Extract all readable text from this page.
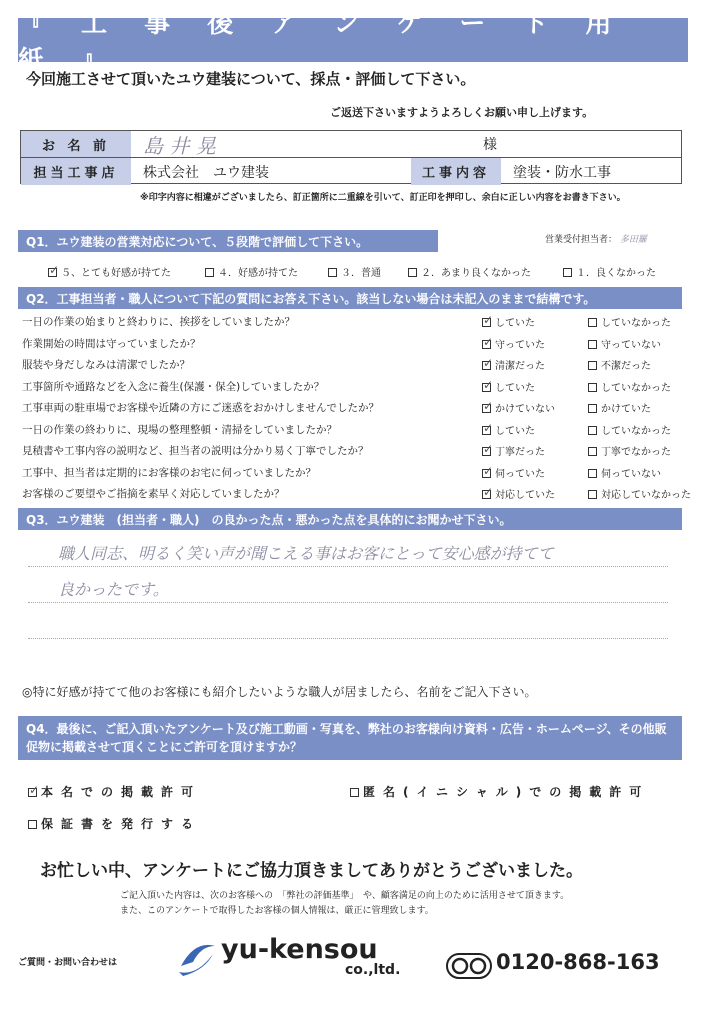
『 工 事 後 ア ン ケ ー ト 用 紙 』
今回施工させて頂いたユウ建装について、採点・評価して下さい。
ご返送下さいますようよろしくお願い申し上げます。
お 名 前	島 井 晃	様
担当工事店	株式会社　ユウ建装	工事内容	塗装・防水工事
※印字内容に相違がございましたら、訂正箇所に二重線を引いて、訂正印を押印し、余白に正しい内容をお書き下さい。
Q1．ユウ建装の営業対応について、５段階で評価して下さい。	営業受付担当者： 多田羅
✓５、とても好感が持てた	４．好感が持てた	３．普通	２．あまり良くなかった	１．良くなかった
Q2．工事担当者・職人について下記の質問にお答え下さい。該当しない場合は未記入のままで結構です。
一日の作業の始まりと終わりに、挨拶をしていましたか？ ✓	していた	していなかった
作業開始の時間は守っていましたか？ ✓	守っていた	守っていない
服装や身だしなみは清潔でしたか？ ✓	清潔だった	不潔だった
工事箇所や通路などを入念に養生(保護・保全)していましたか？ ✓	していた	していなかった
工事車両の駐車場でお客様や近隣の方にご迷惑をおかけしませんでしたか？ ✓	かけていない	かけていた
一日の作業の終わりに、現場の整理整頓・清掃をしていましたか？ ✓	していた	していなかった
見積書や工事内容の説明など、担当者の説明は分かり易く丁寧でしたか？ ✓	丁寧だった	丁寧でなかった
工事中、担当者は定期的にお客様のお宅に伺っていましたか？ ✓	伺っていた	伺っていない
お客様のご要望やご指摘を素早く対応していましたか？ ✓	対応していた	対応していなかった
Q3．ユウ建装　(担当者・職人)　の良かった点・悪かった点を具体的にお聞かせ下さい。
職人同志、明るく笑い声が聞こえる事はお客にとって安心感が持てて
良かったです。
◎特に好感が持てて他のお客様にも紹介したいような職人が居ましたら、名前をご記入下さい。
Q4．最後に、ご記入頂いたアンケート及び施工動画・写真を、弊社のお客様向け資料・広告・ホームページ、その他販促物に掲載させて頂くことにご許可を頂けますか？
✓本名での掲載許可	匿名(イニシャル)での掲載許可
保証書を発行する
お忙しい中、アンケートにご協力頂きましてありがとうございました。
ご記入頂いた内容は、次のお客様への　「弊社の評価基準」　や、顧客満足の向上のために活用させて頂きます。
また、このアンケートで取得したお客様の個人情報は、厳正に管理致します。
ご質問・お問い合わせは	yu-kensou
co.,ltd.	0120-868-163
